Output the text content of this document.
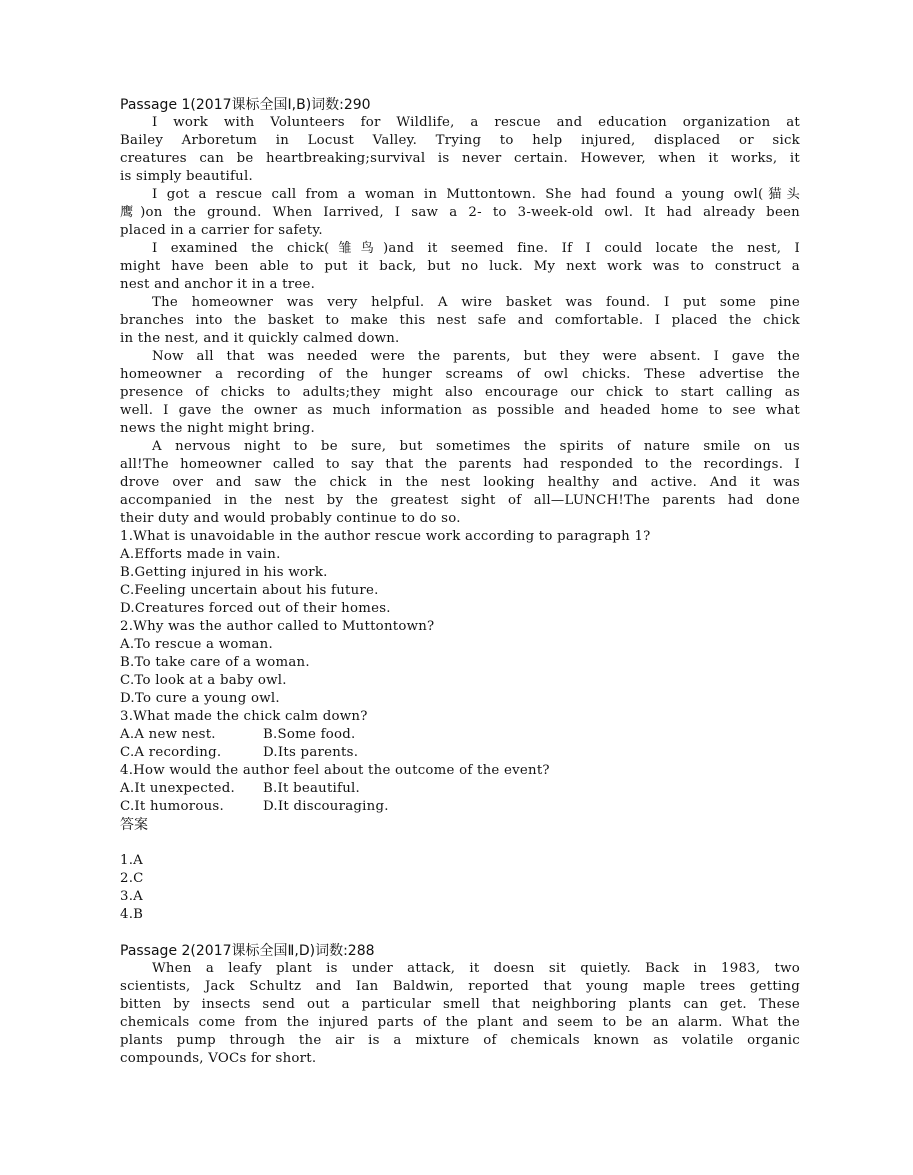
Passage 1(2017课标全国Ⅰ,B)词数:290
I work with Volunteers for Wildlife, a rescue and education organization at
Bailey Arboretum in Locust Valley. Trying to help injured, displaced or sick
creatures can be heartbreaking;survival is never certain. However, when it works, it
is simply beautiful.
I got a rescue call from a woman in Muttontown. She had found a young owl(猫头
鹰)on the ground. When Iarrived, I saw a 2- to 3-week-old owl. It had already been
placed in a carrier for safety.
I examined the chick(雏鸟)and it seemed fine. If I could locate the nest, I
might have been able to put it back, but no luck. My next work was to construct a
nest and anchor it in a tree.
The homeowner was very helpful. A wire basket was found. I put some pine
branches into the basket to make this nest safe and comfortable. I placed the chick
in the nest, and it quickly calmed down.
Now all that was needed were the parents, but they were absent. I gave the
homeowner a recording of the hunger screams of owl chicks. These advertise the
presence of chicks to adults;they might also encourage our chick to start calling as
well. I gave the owner as much information as possible and headed home to see what
news the night might bring.
A nervous night to be sure, but sometimes the spirits of nature smile on us
all!The homeowner called to say that the parents had responded to the recordings. I
drove over and saw the chick in the nest looking healthy and active. And it was
accompanied in the nest by the greatest sight of all—LUNCH!The parents had done
their duty and would probably continue to do so.
1.What is unavoidable in the author rescue work according to paragraph 1?
A.Efforts made in vain.
B.Getting injured in his work.
C.Feeling uncertain about his future.
D.Creatures forced out of their homes.
2.Why was the author called to Muttontown?
A.To rescue a woman.
B.To take care of a woman.
C.To look at a baby owl.
D.To cure a young owl.
3.What made the chick calm down?
A.A new nest.	B.Some food.
C.A recording.	D.Its parents.
4.How would the author feel about the outcome of the event?
A.It unexpected. B.It beautiful.
C.It humorous.	D.It discouraging.
答案
1.A
2.C
3.A
4.B
Passage 2(2017课标全国Ⅱ,D)词数:288
When a leafy plant is under attack, it doesn sit quietly. Back in 1983, two
scientists, Jack Schultz and Ian Baldwin, reported that young maple trees getting
bitten by insects send out a particular smell that neighboring plants can get. These
chemicals come from the injured parts of the plant and seem to be an alarm. What the
plants pump through the air is a mixture of chemicals known as volatile organic
compounds, VOCs for short.
